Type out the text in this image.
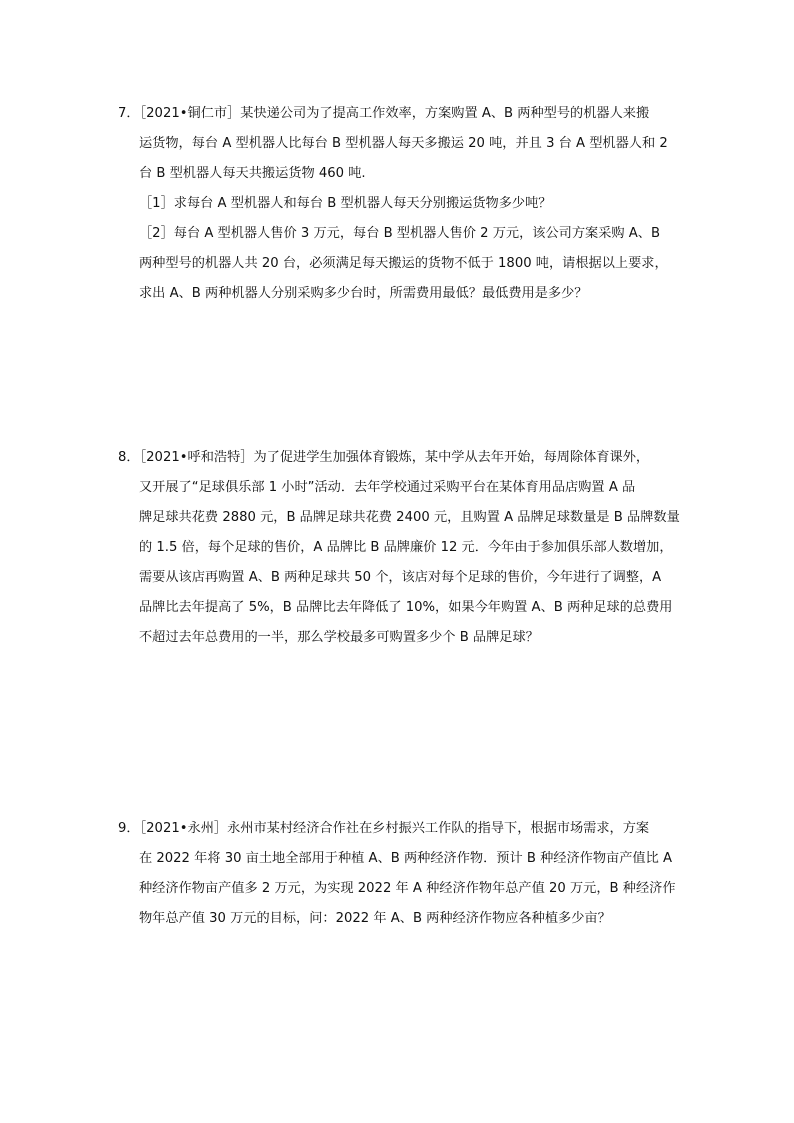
7．［2021•铜仁市］某快递公司为了提高工作效率，方案购置 A、B 两种型号的机器人来搬
运货物，每台 A 型机器人比每台 B 型机器人每天多搬运 20 吨，并且 3 台 A 型机器人和 2
台 B 型机器人每天共搬运货物 460 吨.
［1］求每台 A 型机器人和每台 B 型机器人每天分别搬运货物多少吨？
［2］每台 A 型机器人售价 3 万元，每台 B 型机器人售价 2 万元，该公司方案采购 A、B
两种型号的机器人共 20 台，必须满足每天搬运的货物不低于 1800 吨，请根据以上要求，
求出 A、B 两种机器人分别采购多少台时，所需费用最低？最低费用是多少？
8．［2021•呼和浩特］为了促进学生加强体育锻炼，某中学从去年开始，每周除体育课外，
又开展了“足球俱乐部 1 小时”活动．去年学校通过采购平台在某体育用品店购置 A 品
牌足球共花费 2880 元，B 品牌足球共花费 2400 元，且购置 A 品牌足球数量是 B 品牌数量
的 1.5 倍，每个足球的售价，A 品牌比 B 品牌廉价 12 元．今年由于参加俱乐部人数增加，
需要从该店再购置 A、B 两种足球共 50 个，该店对每个足球的售价，今年进行了调整，A
品牌比去年提高了 5%，B 品牌比去年降低了 10%，如果今年购置 A、B 两种足球的总费用
不超过去年总费用的一半，那么学校最多可购置多少个 B 品牌足球？
9．［2021•永州］永州市某村经济合作社在乡村振兴工作队的指导下，根据市场需求，方案
在 2022 年将 30 亩土地全部用于种植 A、B 两种经济作物．预计 B 种经济作物亩产值比 A
种经济作物亩产值多 2 万元，为实现 2022 年 A 种经济作物年总产值 20 万元，B 种经济作
物年总产值 30 万元的目标，问：2022 年 A、B 两种经济作物应各种植多少亩？
